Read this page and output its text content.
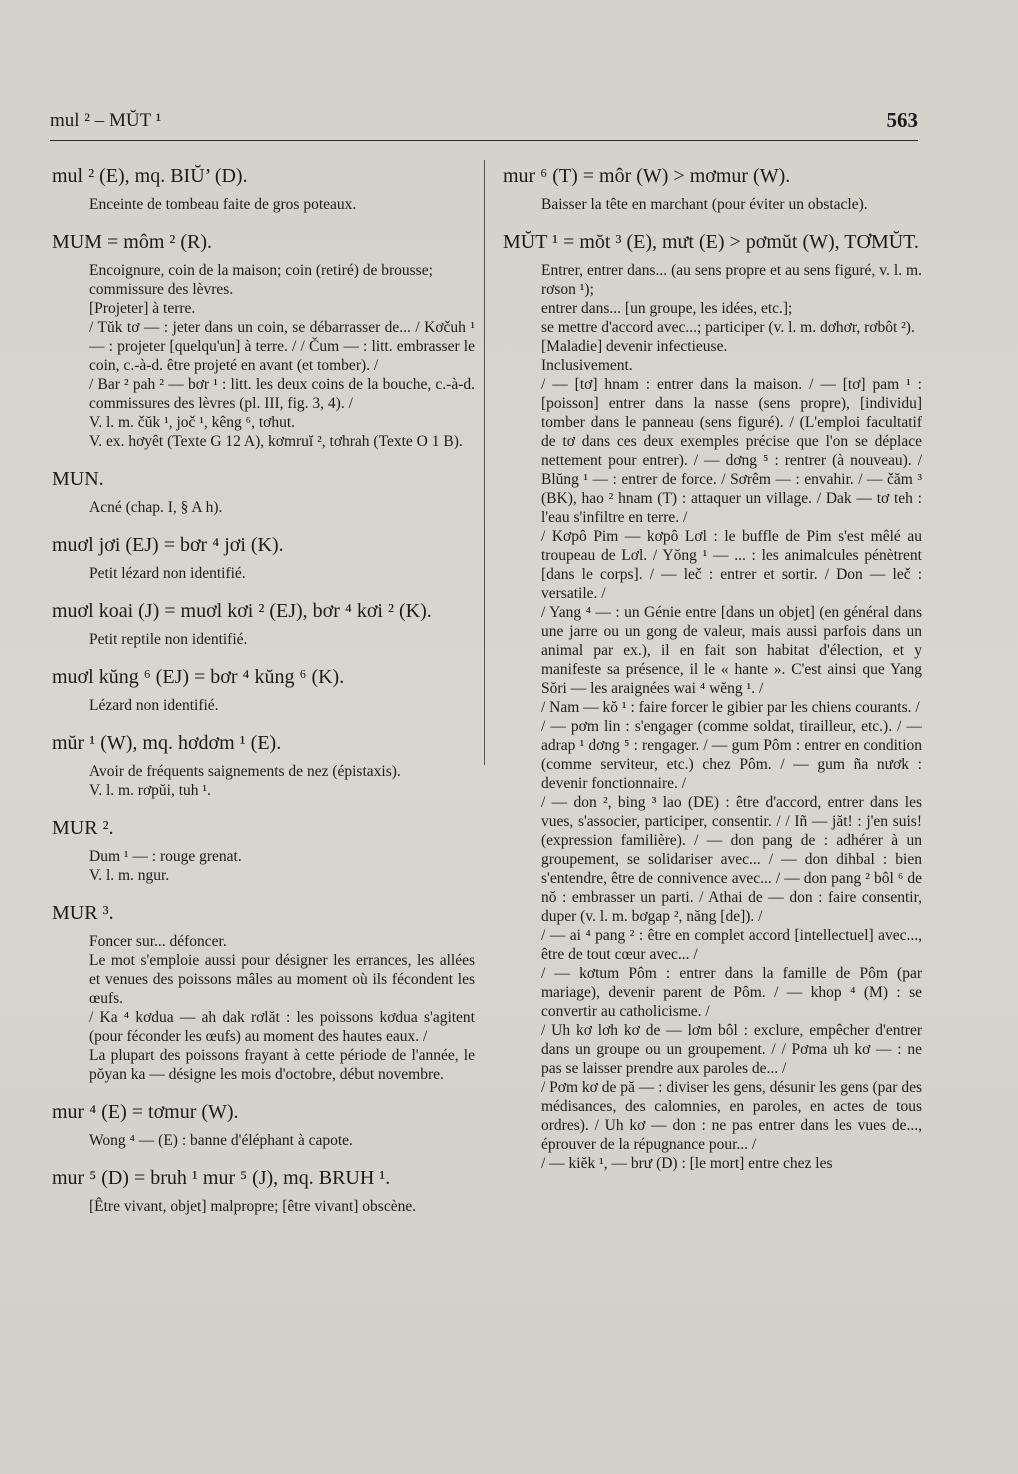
mul ² – MŬT ¹	563
mul ² (E), mq. BIŬ’ (D).

Enceinte de tombeau faite de gros poteaux.

MUM = môm ² (R).

Encoignure, coin de la maison; coin (retiré) de brousse;

commissure des lèvres.

[Projeter] à terre.

/ Tŭk tơ — : jeter dans un coin, se débarrasser de... / Kơčuh ¹ — : projeter [quelqu'un] à terre. / / Čum — : litt. embrasser le coin, c.-à-d. être projeté en avant (et tomber). /

/ Bar ² pah ² — bơr ¹ : litt. les deux coins de la bouche, c.-à-d. commissures des lèvres (pl. III, fig. 3, 4). /

V. l. m. čŭk ¹, joč ¹, kêng ⁶, tơhut.

V. ex. hơyêt (Texte G 12 A), kơmruĭ ², tơhrah (Texte O 1 B).

MUN.

Acné (chap. I, § A h).

muơl jơi (EJ) = bơr ⁴ jơi (K).

Petit lézard non identifié.

muơl koai (J) = muơl kơi ² (EJ), bơr ⁴ kơi ² (K).

Petit reptile non identifié.

muơl kŭng ⁶ (EJ) = bơr ⁴ kŭng ⁶ (K).

Lézard non identifié.

mŭr ¹ (W), mq. hơdơm ¹ (E).

Avoir de fréquents saignements de nez (épistaxis).

V. l. m. rơpŭi, tuh ¹.

MUR ².

Dum ¹ — : rouge grenat.

V. l. m. ngur.

MUR ³.

Foncer sur... défoncer.

Le mot s'emploie aussi pour désigner les errances, les allées et venues des poissons mâles au moment où ils fécondent les œufs.

/ Ka ⁴ kơdua — ah dak rơlăt : les poissons kơdua s'agitent (pour féconder les œufs) au moment des hautes eaux. /

La plupart des poissons frayant à cette période de l'année, le pŏyan ka — désigne les mois d'octobre, début novembre.

mur ⁴ (E) = tơmur (W).

Wong ⁴ — (E) : banne d'éléphant à capote.

mur ⁵ (D) = bruh ¹ mur ⁵ (J), mq. BRUH ¹.

[Être vivant, objet] malpropre; [être vivant] obscène.

mur ⁶ (T) = môr (W) > mơmur (W).

Baisser la tête en marchant (pour éviter un obstacle).

MŬT ¹ = mŏt ³ (E), mưt (E) > pơmŭt (W), TƠMŬT.

Entrer, entrer dans... (au sens propre et au sens figuré, v. l. m. rơson ¹);

entrer dans... [un groupe, les idées, etc.];

se mettre d'accord avec...; participer (v. l. m. dơhơr, rơbôt ²).

[Maladie] devenir infectieuse.

Inclusivement.

/ — [tơ] hnam : entrer dans la maison. / — [tơ] pam ¹ : [poisson] entrer dans la nasse (sens propre), [individu] tomber dans le panneau (sens figuré). / (L'emploi facultatif de tơ dans ces deux exemples précise que l'on se déplace nettement pour entrer). / — dơng ⁵ : rentrer (à nouveau). / Blŭng ¹ — : entrer de force. / Sơrêm — : envahir. / — čăm ³ (BK), hao ² hnam (T) : attaquer un village. / Dak — tơ teh : l'eau s'infiltre en terre. /

/ Kơpô Pim — kơpô Lơl : le buffle de Pim s'est mêlé au troupeau de Lơl. / Yŏng ¹ — ... : les animalcules pénètrent [dans le corps]. / — leč : entrer et sortir. / Don — leč : versatile. /

/ Yang ⁴ — : un Génie entre [dans un objet] (en général dans une jarre ou un gong de valeur, mais aussi parfois dans un animal par ex.), il en fait son habitat d'élection, et y manifeste sa présence, il le « hante ». C'est ainsi que Yang Sŏri — les araignées wai ⁴ wĕng ¹. /

/ Nam — kŏ ¹ : faire forcer le gibier par les chiens courants. /

/ — pơm lin : s'engager (comme soldat, tirailleur, etc.). / — adrap ¹ dơng ⁵ : rengager. / — gum Pôm : entrer en condition (comme serviteur, etc.) chez Pôm. / — gum ña nươk : devenir fonctionnaire. /

/ — don ², bing ³ lao (DE) : être d'accord, entrer dans les vues, s'associer, participer, consentir. / / Iñ — jăt! : j'en suis! (expression familière). / — don pang de : adhérer à un groupement, se solidariser avec... / — don dihbal : bien s'entendre, être de connivence avec... / — don pang ² bôl ⁶ de nŏ : embrasser un parti. / Athai de — don : faire consentir, duper (v. l. m. bơgap ², năng [de]). /

/ — ai ⁴ pang ² : être en complet accord [intellectuel] avec..., être de tout cœur avec... /

/ — kơtum Pôm : entrer dans la famille de Pôm (par mariage), devenir parent de Pôm. / — khop ⁴ (M) : se convertir au catholicisme. /

/ Uh kơ lơh kơ de — lơm bôl : exclure, empêcher d'entrer dans un groupe ou un groupement. / / Pơma uh kơ — : ne pas se laisser prendre aux paroles de... /

/ Pơm kơ de pă — : diviser les gens, désunir les gens (par des médisances, des calomnies, en paroles, en actes de tous ordres). / Uh kơ — don : ne pas entrer dans les vues de..., éprouver de la répugnance pour... /

/ — kiĕk ¹, — brư (D) : [le mort] entre chez les
